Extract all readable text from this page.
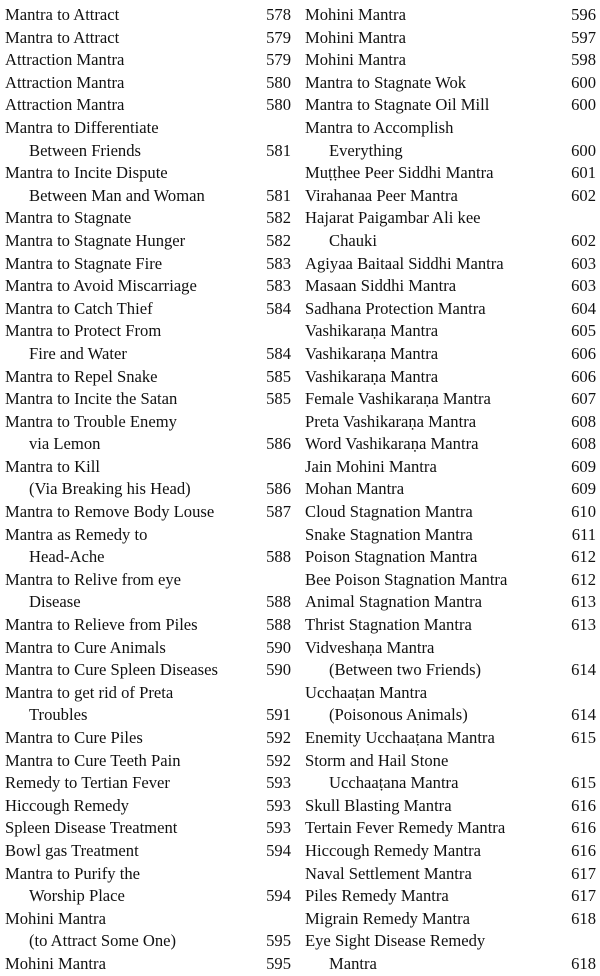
Mantra to Attract	578
Mantra to Attract	579
Attraction Mantra	579
Attraction Mantra	580
Attraction Mantra	580
Mantra to Differentiate
Between Friends	581
Mantra to Incite Dispute
Between Man and Woman	581
Mantra to Stagnate	582
Mantra to Stagnate Hunger	582
Mantra to Stagnate Fire	583
Mantra to Avoid Miscarriage	583
Mantra to Catch Thief	584
Mantra to Protect From
Fire and Water	584
Mantra to Repel Snake	585
Mantra to Incite the Satan	585
Mantra to Trouble Enemy
via Lemon	586
Mantra to Kill
(Via Breaking his Head)	586
Mantra to Remove Body Louse	587
Mantra as Remedy to
Head-Ache	588
Mantra to Relive from eye
Disease	588
Mantra to Relieve from Piles	588
Mantra to Cure Animals	590
Mantra to Cure Spleen Diseases	590
Mantra to get rid of Preta
Troubles	591
Mantra to Cure Piles	592
Mantra to Cure Teeth Pain	592
Remedy to Tertian Fever	593
Hiccough Remedy	593
Spleen Disease Treatment	593
Bowl gas Treatment	594
Mantra to Purify the
Worship Place	594
Mohini Mantra
(to Attract Some One)	595
Mohini Mantra	595
Mohini Mantra	596
Mohini Mantra	597
Mohini Mantra	598
Mantra to Stagnate Wok	600
Mantra to Stagnate Oil Mill	600
Mantra to Accomplish
Everything	600
Muṭṭhee Peer Siddhi Mantra	601
Virahanaa Peer Mantra	602
Hajarat Paigambar Ali kee
Chauki	602
Agiyaa Baitaal Siddhi Mantra	603
Masaan Siddhi Mantra	603
Sadhana Protection Mantra	604
Vashikaraṇa Mantra	605
Vashikaraṇa Mantra	606
Vashikaraṇa Mantra	606
Female Vashikaraṇa Mantra	607
Preta Vashikaraṇa Mantra	608
Word Vashikaraṇa Mantra	608
Jain Mohini Mantra	609
Mohan Mantra	609
Cloud Stagnation Mantra	610
Snake Stagnation Mantra	611
Poison Stagnation Mantra	612
Bee Poison Stagnation Mantra	612
Animal Stagnation Mantra	613
Thrist Stagnation Mantra	613
Vidveshaṇa Mantra
(Between two Friends)	614
Ucchaaṭan Mantra
(Poisonous Animals)	614
Enemity Ucchaaṭana Mantra	615
Storm and Hail Stone
Ucchaaṭana Mantra	615
Skull Blasting Mantra	616
Tertain Fever Remedy Mantra	616
Hiccough Remedy Mantra	616
Naval Settlement Mantra	617
Piles Remedy Mantra	617
Migrain Remedy Mantra	618
Eye Sight Disease Remedy
Mantra	618
